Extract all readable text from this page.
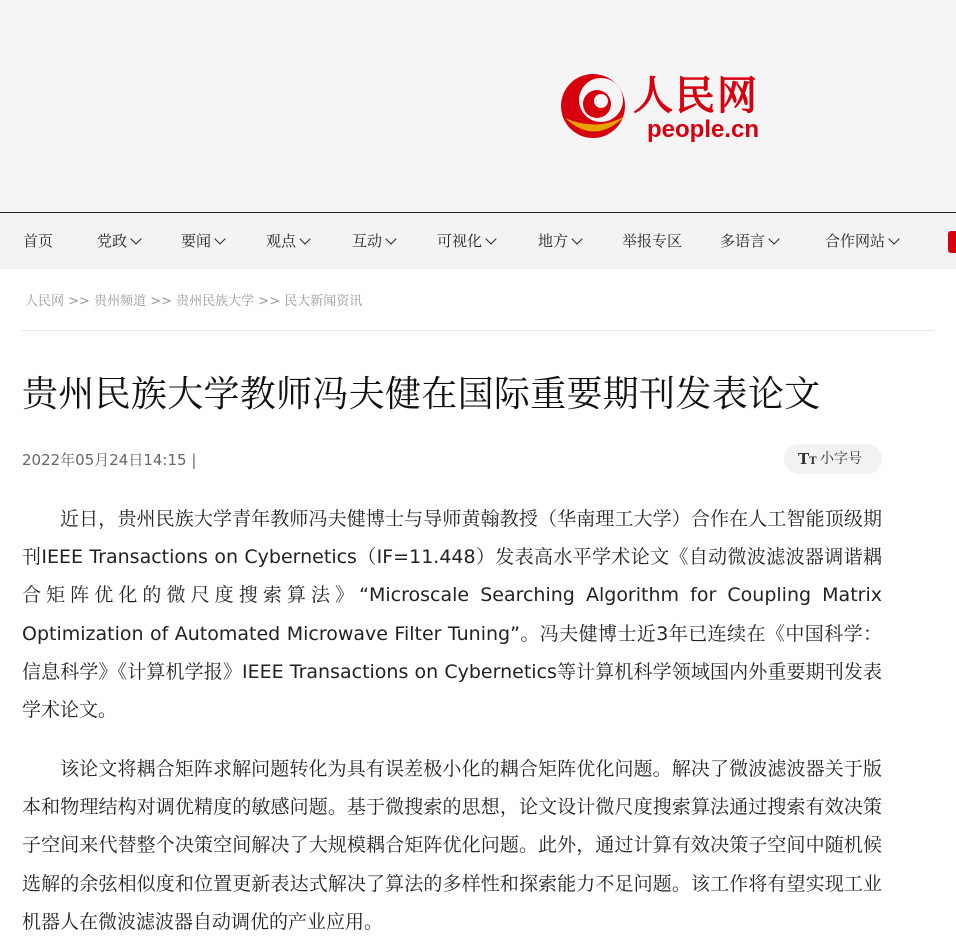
人民网
people.cn
首页	党政	要闻	观点	互动	可视化	地方	举报专区	多语言	合作网站
人民网 >> 贵州频道 >> 贵州民族大学 >> 民大新闻资讯
贵州民族大学教师冯夫健在国际重要期刊发表论文
2022年05月24日14:15 |	TT 小字号

近日，贵州民族大学青年教师冯夫健博士与导师黄翰教授（华南理工大学）合作在人工智能顶级期刊IEEE Transactions on Cybernetics（IF=11.448）发表高水平学术论文《自动微波滤波器调谐耦合矩阵优化的微尺度搜索算法》“Microscale Searching Algorithm for Coupling Matrix Optimization of Automated Microwave Filter Tuning”。冯夫健博士近3年已连续在《中国科学：信息科学》《计算机学报》IEEE Transactions on Cybernetics等计算机科学领域国内外重要期刊发表学术论文。

该论文将耦合矩阵求解问题转化为具有误差极小化的耦合矩阵优化问题。解决了微波滤波器关于版本和物理结构对调优精度的敏感问题。基于微搜索的思想，论文设计微尺度搜索算法通过搜索有效决策子空间来代替整个决策空间解决了大规模耦合矩阵优化问题。此外，通过计算有效决策子空间中随机候选解的余弦相似度和位置更新表达式解决了算法的多样性和探索能力不足问题。该工作将有望实现工业机器人在微波滤波器自动调优的产业应用。
